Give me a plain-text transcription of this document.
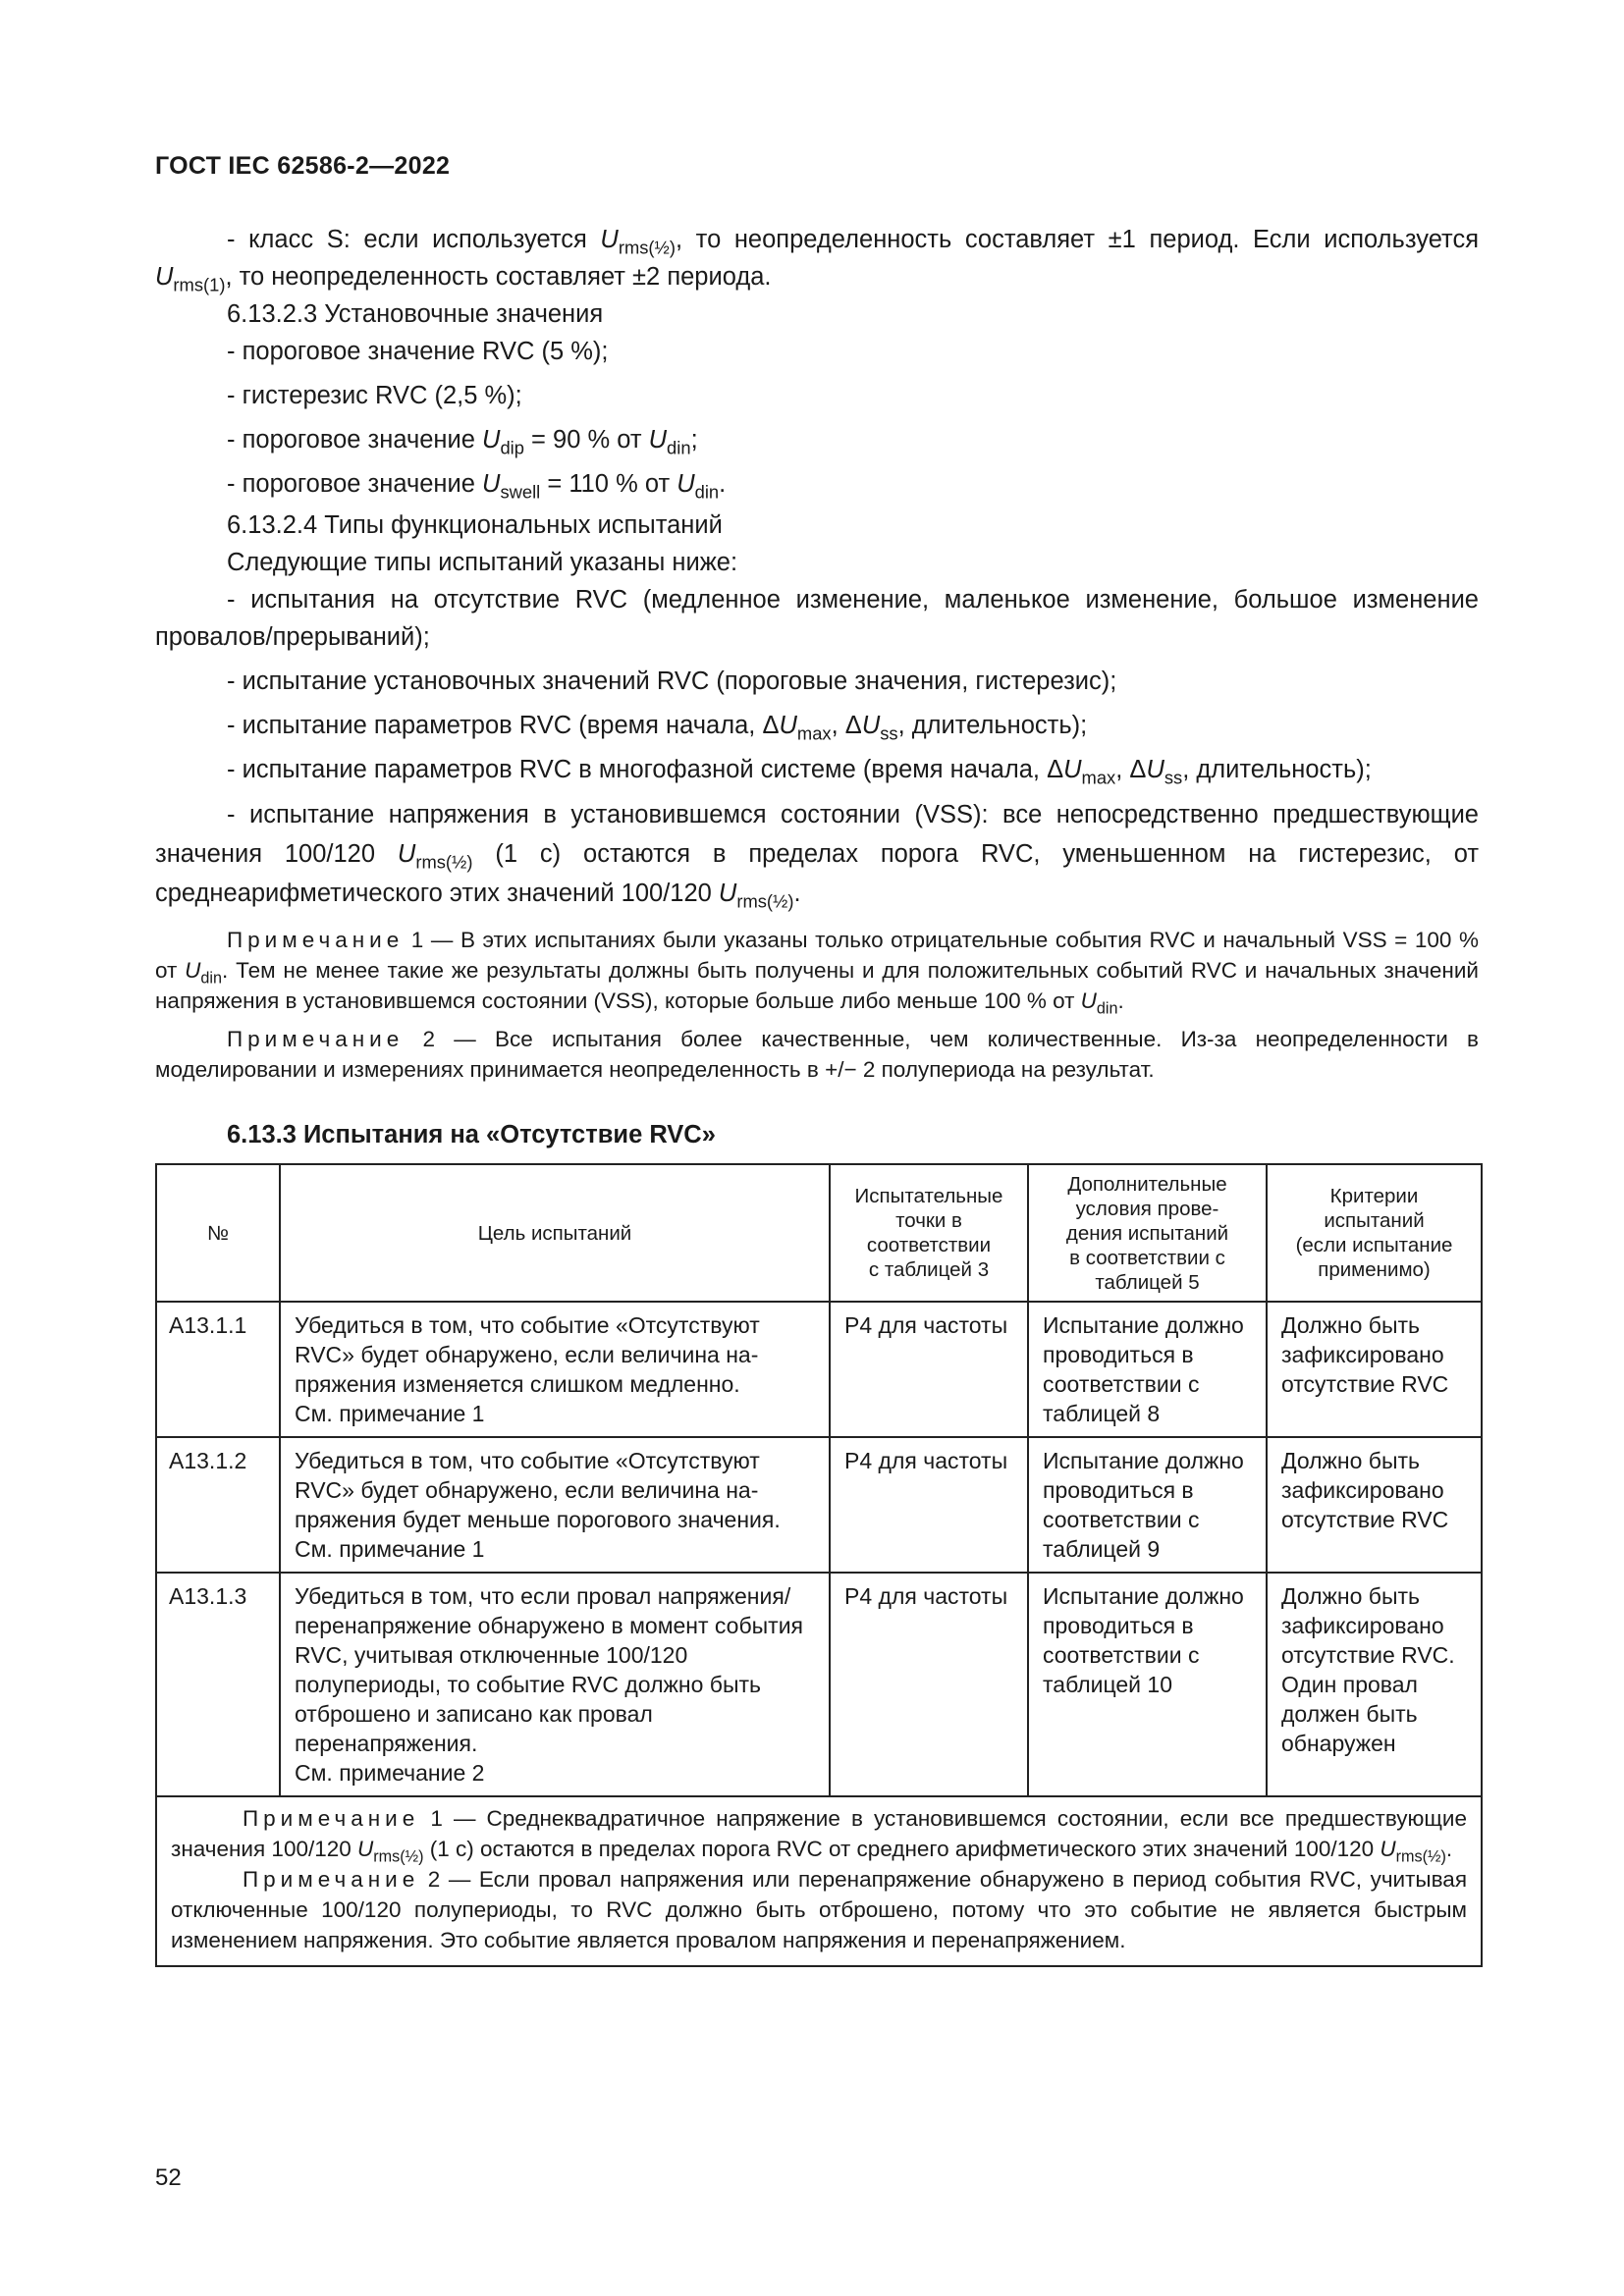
ГОСТ IEC 62586-2—2022

- класс S: если используется $U_{rms(\frac{1}{2})}$, то неопределенность составляет ±1 период. Если используется $U_{rms(1)}$, то неопределенность составляет ±2 периода.

6.13.2.3 Установочные значения

- пороговое значение RVC (5 %);

- гистерезис RVC (2,5 %);

- пороговое значение $U_{dip} = 90$ % от $U_{din}$;

- пороговое значение $U_{swell} = 110$ % от $U_{din}$.

6.13.2.4 Типы функциональных испытаний

Следующие типы испытаний указаны ниже:

- испытания на отсутствие RVC (медленное изменение, маленькое изменение, большое изменение провалов/прерываний);

- испытание установочных значений RVC (пороговые значения, гистерезис);

- испытание параметров RVC (время начала, $\Delta U_{max}$, $\Delta U_{ss}$, длительность);

- испытание параметров RVC в многофазной системе (время начала, $\Delta U_{max}$, $\Delta U_{ss}$, длительность);

- испытание напряжения в установившемся состоянии (VSS): все непосредственно предшествующие значения 100/120 $U_{rms(\frac{1}{2})}$ (1 с) остаются в пределах порога RVC, уменьшенном на гистерезис, от среднеарифметического этих значений 100/120 $U_{rms(\frac{1}{2})}$.

Примечание 1 — В этих испытаниях были указаны только отрицательные события RVC и начальный VSS = 100 % от $U_{din}$. Тем не менее такие же результаты должны быть получены и для положительных событий RVC и начальных значений напряжения в установившемся состоянии (VSS), которые больше либо меньше 100 % от $U_{din}$.

Примечание 2 — Все испытания более качественные, чем количественные. Из-за неопределенности в моделировании и измерениях принимается неопределенность в +/− 2 полупериода на результат.

6.13.3 Испытания на «Отсутствие RVC»

№	Цель испытаний	Испытательные
точки в
соответствии
с таблицей 3	Дополнительные
условия прове-
дения испытаний
в соответствии с
таблицей 5	Критерии
испытаний
(если испытание
применимо)
A13.1.1	Убедиться в том, что событие «Отсутствуют RVC» будет обнаружено, если величина напряжения изменяется слишком медленно.
См. примечание 1	Р4 для частоты	Испытание должно проводиться в соответствии с таблицей 8	Должно быть зафиксировано отсутствие RVC
A13.1.2	Убедиться в том, что событие «Отсутствуют RVC» будет обнаружено, если величина напряжения будет меньше порогового значения.
См. примечание 1	Р4 для частоты	Испытание должно проводиться в соответствии с таблицей 9	Должно быть зафиксировано отсутствие RVC
A13.1.3	Убедиться в том, что если провал напряжения/перенапряжение обнаружено в момент события RVC, учитывая отключенные 100/120 полупериоды, то событие RVC должно быть отброшено и записано как провал перенапряжения.
См. примечание 2	Р4 для частоты	Испытание должно проводиться в соответствии с таблицей 10	Должно быть зафиксировано отсутствие RVC. Один провал должен быть обнаружен

Примечание 1 — Среднеквадратичное напряжение в установившемся состоянии, если все предшествующие значения 100/120 $U_{rms(\frac{1}{2})}$ (1 с) остаются в пределах порога RVC от среднего арифметического этих значений 100/120 $U_{rms(\frac{1}{2})}$.

Примечание 2 — Если провал напряжения или перенапряжение обнаружено в период события RVC, учитывая отключенные 100/120 полупериоды, то RVC должно быть отброшено, потому что это событие не является быстрым изменением напряжения. Это событие является провалом напряжения и перенапряжением.				

52
